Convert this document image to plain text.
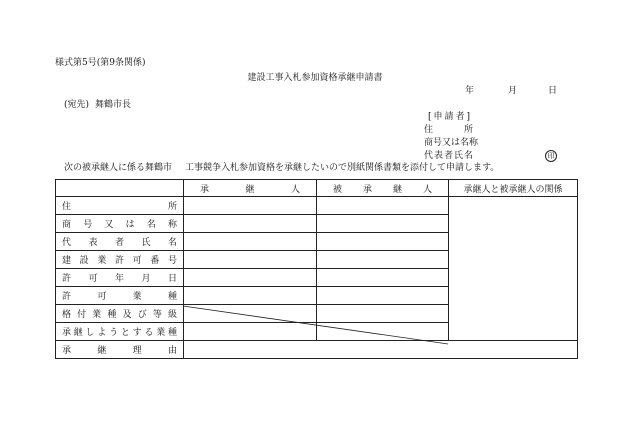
様式第5号(第9条関係)
建設工事入札参加資格承継申請書
年	月	日
(宛先) 舞鶴市長
[申請者]
住	所
商号又は名称
代表者氏名	印
次の被承継人に係る舞鶴市 工事競争入札参加資格を承継したいので別紙関係書類を添付して申請します。
	承継人	被承継人	承継人と被承継人の関係
住所			
商号又は名称			
代表者氏名			
建設業許可番号			
許可年月日			
許可業種			
格付業種及び等級			
承継しようとする業種			
承継理由			
